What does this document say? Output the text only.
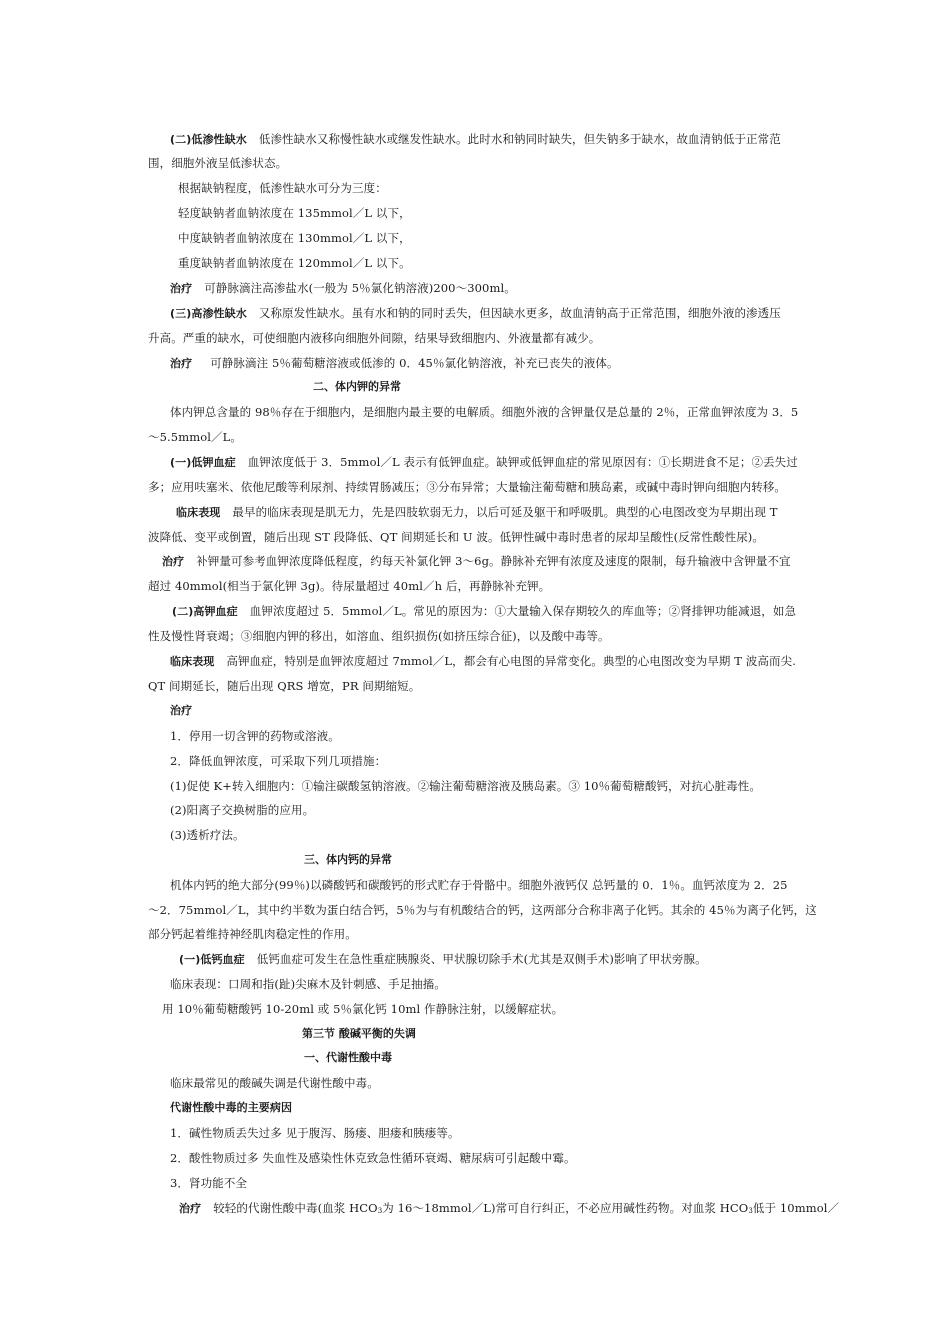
(二)低渗性缺水 低渗性缺水又称慢性缺水或继发性缺水。此时水和钠同时缺失，但失钠多于缺水，故血清钠低于正常范
围，细胞外液呈低渗状态。
根据缺钠程度，低渗性缺水可分为三度：
轻度缺钠者血钠浓度在 135mmol／L 以下，
中度缺钠者血钠浓度在 130mmol／L 以下，
重度缺钠者血钠浓度在 120mmol／L 以下。
治疗 可静脉滴注高渗盐水(一般为 5％氯化钠溶液)200～300ml。
(三)高渗性缺水 又称原发性缺水。虽有水和钠的同时丢失，但因缺水更多，故血清钠高于正常范围，细胞外液的渗透压
升高。严重的缺水，可使细胞内液移向细胞外间隙，结果导致细胞内、外液量都有减少。
治疗 可静脉滴注 5％葡萄糖溶液或低渗的 0．45％氯化钠溶液，补充已丧失的液体。
二、体内钾的异常
体内钾总含量的 98％存在于细胞内，是细胞内最主要的电解质。细胞外液的含钾量仅是总量的 2％，正常血钾浓度为 3．5
～5.5mmol／L。
(一)低钾血症 血钾浓度低于 3．5mmol／L 表示有低钾血症。缺钾或低钾血症的常见原因有：①长期进食不足；②丢失过
多；应用呋塞米、依他尼酸等利尿剂、持续胃肠减压；③分布异常；大量输注葡萄糖和胰岛素，或碱中毒时钾向细胞内转移。
临床表现 最早的临床表现是肌无力，先是四肢软弱无力，以后可延及躯干和呼吸肌。典型的心电图改变为早期出现 T
波降低、变平或倒置，随后出现 ST 段降低、QT 间期延长和 U 波。低钾性碱中毒时患者的尿却呈酸性(反常性酸性尿)。
治疗 补钾量可参考血钾浓度降低程度，约每天补氯化钾 3～6g。静脉补充钾有浓度及速度的限制，每升输液中含钾量不宜
超过 40mmol(相当于氯化钾 3g)。待尿量超过 40ml／h 后，再静脉补充钾。
(二)高钾血症 血钾浓度超过 5．5mmol／L。常见的原因为：①大量输入保存期较久的库血等；②肾排钾功能减退，如急
性及慢性肾衰竭；③细胞内钾的移出，如溶血、组织损伤(如挤压综合征)，以及酸中毒等。
临床表现 高钾血症，特别是血钾浓度超过 7mmol／L，都会有心电图的异常变化。典型的心电图改变为早期 T 波高而尖.
QT 间期延长，随后出现 QRS 增宽，PR 间期缩短。
治疗
1．停用一切含钾的药物或溶液。
2．降低血钾浓度，可采取下列几项措施：
(1)促使 K+转入细胞内：①输注碳酸氢钠溶液。②输注葡萄糖溶液及胰岛素。③ 10％葡萄糖酸钙，对抗心脏毒性。
(2)阳离子交换树脂的应用。
(3)透析疗法。
三、体内钙的异常
机体内钙的绝大部分(99％)以磷酸钙和碳酸钙的形式贮存于骨骼中。细胞外液钙仅 总钙量的 0．1％。血钙浓度为 2．25
～2．75mmol／L，其中约半数为蛋白结合钙，5％为与有机酸结合的钙，这两部分合称非离子化钙。其余的 45％为离子化钙，这
部分钙起着维持神经肌肉稳定性的作用。
(一)低钙血症 低钙血症可发生在急性重症胰腺炎、甲状腺切除手术(尤其是双侧手术)影响了甲状旁腺。
临床表现：口周和指(趾)尖麻木及针刺感、手足抽搐。
用 10％葡萄糖酸钙 10-20ml 或 5％氯化钙 10ml 作静脉注射，以缓解症状。
第三节 酸碱平衡的失调
一、代谢性酸中毒
临床最常见的酸碱失调是代谢性酸中毒。
代谢性酸中毒的主要病因
1．碱性物质丢失过多 见于腹泻、肠瘘、胆瘘和胰瘘等。
2．酸性物质过多 失血性及感染性休克致急性循环衰竭、糖尿病可引起酸中霉。
3．肾功能不全
治疗 较轻的代谢性酸中毒(血浆 $HCO_3$为 16～18mmol／L)常可自行纠正，不必应用碱性药物。对血浆 $HCO_3$低于 10mmol／
